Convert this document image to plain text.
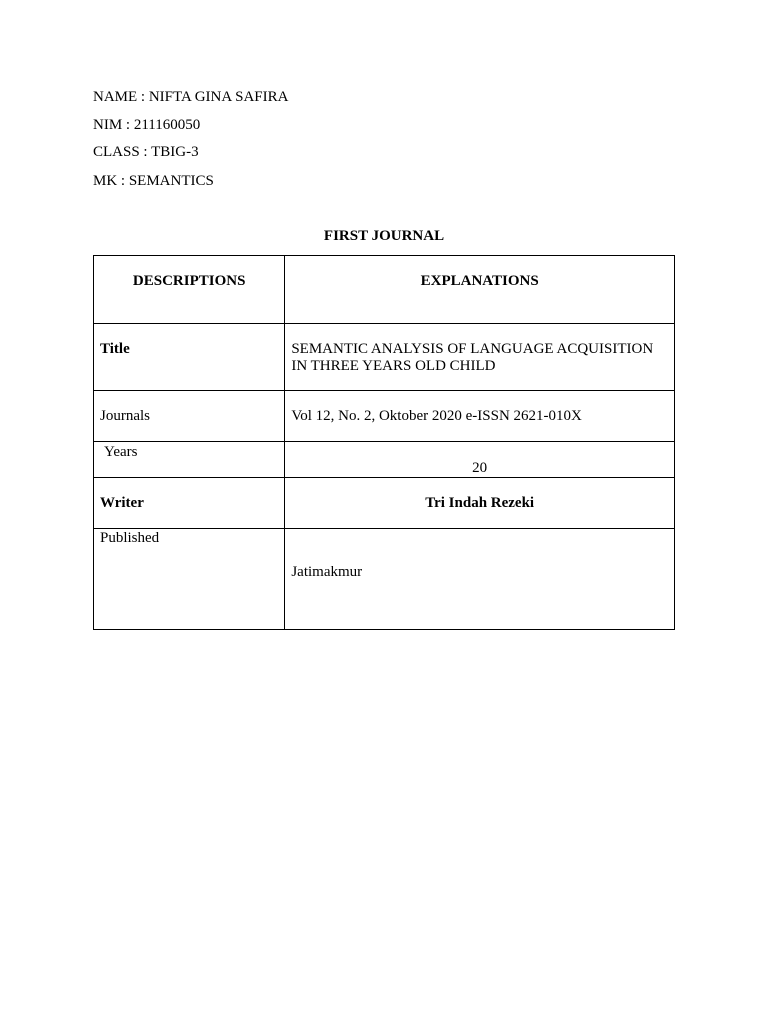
NAME : NIFTA GINA SAFIRA
NIM : 211160050
CLASS : TBIG-3
MK : SEMANTICS
FIRST JOURNAL
DESCRIPTIONS	EXPLANATIONS

Title	SEMANTIC ANALYSIS OF LANGUAGE ACQUISITION IN THREE YEARS OLD CHILD

Journals	Vol 12, No. 2, Oktober 2020 e-ISSN 2621-010X

Years	20

Writer	Tri Indah Rezeki

Published	Jatimakmur
